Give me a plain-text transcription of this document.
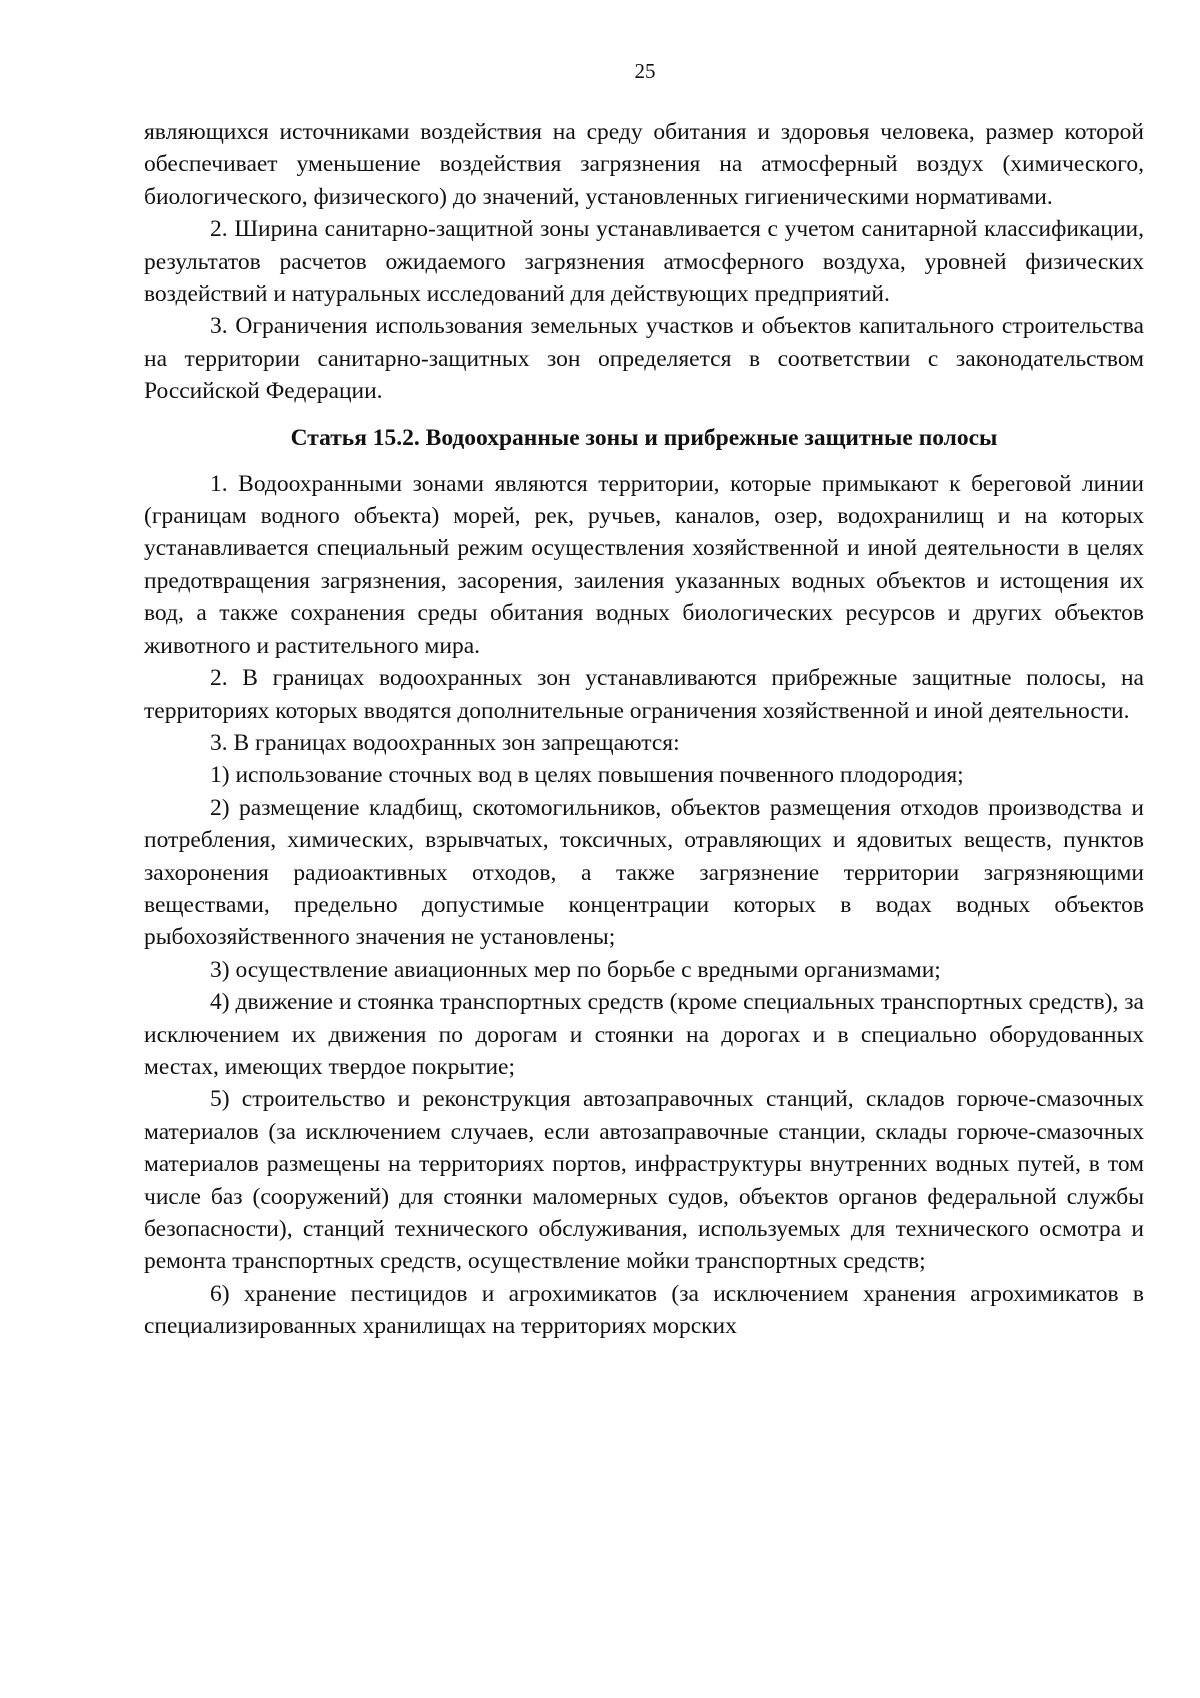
25

являющихся источниками воздействия на среду обитания и здоровья человека, размер которой обеспечивает уменьшение воздействия загрязнения на атмосферный воздух (химического, биологического, физического) до значений, установленных гигиеническими нормативами.

2. Ширина санитарно-защитной зоны устанавливается с учетом санитарной классификации, результатов расчетов ожидаемого загрязнения атмосферного воздуха, уровней физических воздействий и натуральных исследований для действующих предприятий.

3. Ограничения использования земельных участков и объектов капитального строительства на территории санитарно-защитных зон определяется в соответствии с законодательством Российской Федерации.

Статья 15.2. Водоохранные зоны и прибрежные защитные полосы

1. Водоохранными зонами являются территории, которые примыкают к береговой линии (границам водного объекта) морей, рек, ручьев, каналов, озер, водохранилищ и на которых устанавливается специальный режим осуществления хозяйственной и иной деятельности в целях предотвращения загрязнения, засорения, заиления указанных водных объектов и истощения их вод, а также сохранения среды обитания водных биологических ресурсов и других объектов животного и растительного мира.

2. В границах водоохранных зон устанавливаются прибрежные защитные полосы, на территориях которых вводятся дополнительные ограничения хозяйственной и иной деятельности.

3. В границах водоохранных зон запрещаются:

1) использование сточных вод в целях повышения почвенного плодородия;

2) размещение кладбищ, скотомогильников, объектов размещения отходов производства и потребления, химических, взрывчатых, токсичных, отравляющих и ядовитых веществ, пунктов захоронения радиоактивных отходов, а также загрязнение территории загрязняющими веществами, предельно допустимые концентрации которых в водах водных объектов рыбохозяйственного значения не установлены;

3) осуществление авиационных мер по борьбе с вредными организмами;

4) движение и стоянка транспортных средств (кроме специальных транспортных средств), за исключением их движения по дорогам и стоянки на дорогах и в специально оборудованных местах, имеющих твердое покрытие;

5) строительство и реконструкция автозаправочных станций, складов горюче-смазочных материалов (за исключением случаев, если автозаправочные станции, склады горюче-смазочных материалов размещены на территориях портов, инфраструктуры внутренних водных путей, в том числе баз (сооружений) для стоянки маломерных судов, объектов органов федеральной службы безопасности), станций технического обслуживания, используемых для технического осмотра и ремонта транспортных средств, осуществление мойки транспортных средств;

6) хранение пестицидов и агрохимикатов (за исключением хранения агрохимикатов в специализированных хранилищах на территориях морских
